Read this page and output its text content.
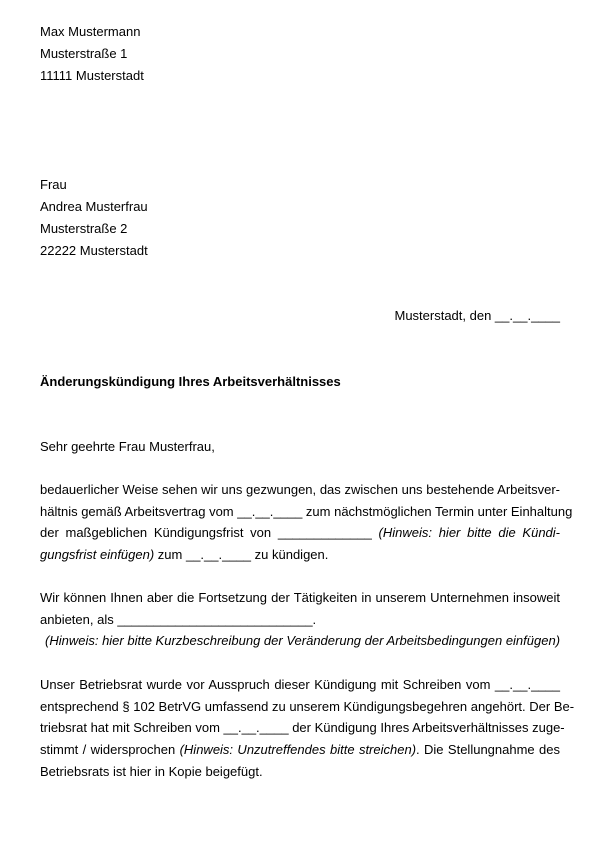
Max Mustermann
Musterstraße 1
11111 Musterstadt
Frau
Andrea Musterfrau
Musterstraße 2
22222 Musterstadt
Musterstadt, den __.__.____
Änderungskündigung Ihres Arbeitsverhältnisses
Sehr geehrte Frau Musterfrau,
bedauerlicher Weise sehen wir uns gezwungen, das zwischen uns bestehende Arbeitsver-
hältnis gemäß Arbeitsvertrag vom __.__.____ zum nächstmöglichen Termin unter Einhaltung
der maßgeblichen Kündigungsfrist von _____________ (Hinweis: hier bitte die Kündi-
gungsfrist einfügen) zum __.__.____ zu kündigen.
Wir können Ihnen aber die Fortsetzung der Tätigkeiten in unserem Unternehmen insoweit
anbieten, als ___________________________.
(Hinweis: hier bitte Kurzbeschreibung der Veränderung der Arbeitsbedingungen einfügen)
Unser Betriebsrat wurde vor Ausspruch dieser Kündigung mit Schreiben vom __.__.____
entsprechend § 102 BetrVG umfassend zu unserem Kündigungsbegehren angehört. Der Be-
triebsrat hat mit Schreiben vom __.__.____ der Kündigung Ihres Arbeitsverhältnisses zuge-
stimmt / widersprochen (Hinweis: Unzutreffendes bitte streichen). Die Stellungnahme des
Betriebsrats ist hier in Kopie beigefügt.
